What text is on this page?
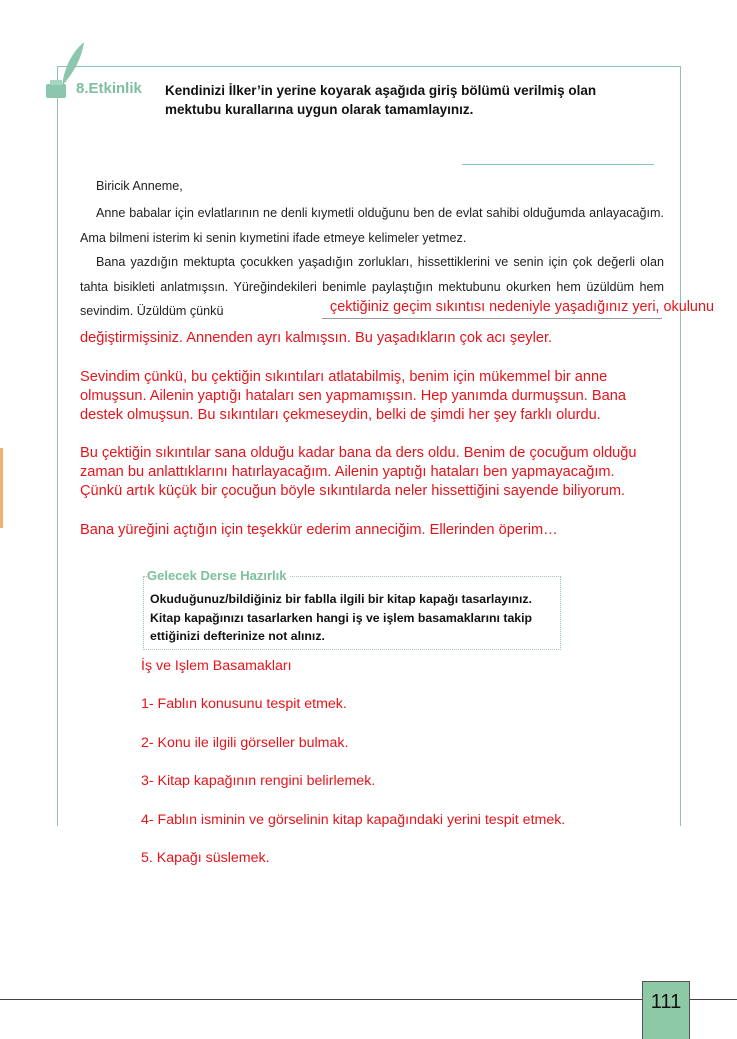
8.Etkinlik Kendinizi İlker’in yerine koyarak aşağıda giriş bölümü verilmiş olan mektubu kurallarına uygun olarak tamamlayınız.
Biricik Anneme,
Anne babalar için evlatlarının ne denli kıymetli olduğunu ben de evlat sahibi olduğumda anlayacağım. Ama bilmeni isterim ki senin kıymetini ifade etmeye kelimeler yetmez.
Bana yazdığın mektupta çocukken yaşadığın zorlukları, hissettiklerini ve senin için çok değerli olan tahta bisikleti anlatmışsın. Yüreğindekileri benimle paylaştığın mektubunu okurken hem üzüldüm hem sevindim. Üzüldüm çünkü	çektiğiniz geçim sıkıntısı nedeniyle yaşadığınız yeri, okulunu
değiştirmişsiniz. Annenden ayrı kalmışsın. Bu yaşadıkların çok acı şeyler.
Sevindim çünkü, bu çektiğin sıkıntıları atlatabilmiş, benim için mükemmel bir anne olmuşsun. Ailenin yaptığı hataları sen yapmamışsın. Hep yanımda durmuşsun. Bana destek olmuşsun. Bu sıkıntıları çekmeseydin, belki de şimdi her şey farklı olurdu.
Bu çektiğin sıkıntılar sana olduğu kadar bana da ders oldu. Benim de çocuğum olduğu zaman bu anlattıklarını hatırlayacağım. Ailenin yaptığı hataları ben yapmayacağım. Çünkü artık küçük bir çocuğun böyle sıkıntılarda neler hissettiğini sayende biliyorum.
Bana yüreğini açtığın için teşekkür ederim anneciğim. Ellerinden öperim…
Gelecek Derse Hazırlık
Okuduğunuz/bildiğiniz bir fablla ilgili bir kitap kapağı tasarlayınız. Kitap kapağınızı tasarlarken hangi iş ve işlem basamaklarını takip ettiğinizi defterinize not alınız.
İş ve Işlem Basamakları
1- Fablın konusunu tespit etmek.
2- Konu ile ilgili görseller bulmak.
3- Kitap kapağının rengini belirlemek.
4- Fablın isminin ve görselinin kitap kapağındaki yerini tespit etmek.
5. Kapağı süslemek.
111
